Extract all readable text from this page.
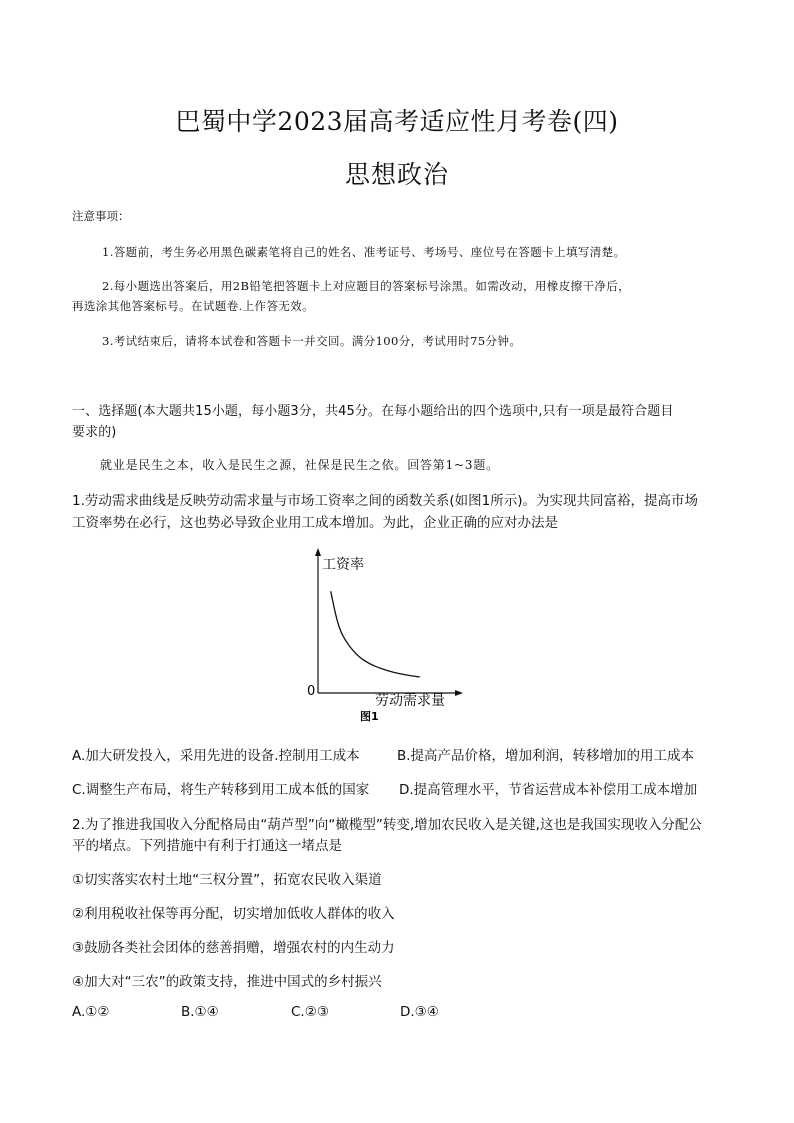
巴蜀中学2023届高考适应性月考卷(四)
思想政治
注意事项：
1.答题前，考生务必用黑色碳素笔将自己的姓名、准考证号、考场号、座位号在答题卡上填写清楚。
2.每小题选出答案后，用2B铅笔把答题卡上对应题目的答案标号涂黑。如需改动，用橡皮擦干净后，
再选涂其他答案标号。在试题卷.上作答无效。
3.考试结束后，请将本试卷和答题卡一并交回。满分100分，考试用时75分钟。
一、选择题(本大题共15小题，每小题3分，共45分。在每小题给出的四个选项中,只有一项是最符合题目
要求的)
就业是民生之本，收入是民生之源，社保是民生之依。回答第1~3题。
1.劳动需求曲线是反映劳动需求量与市场工资率之间的函数关系(如图1所示)。为实现共同富裕，提高市场
工资率势在必行，这也势必导致企业用工成本增加。为此，企业正确的应对办法是
工资率
0
劳动需求量
图1
A.加大研发投入，采用先进的设备.控制用工成本	B.提高产品价格，增加利润，转移增加的用工成本
C.调整生产布局，将生产转移到用工成本低的国家 D.提高管理水平，节省运营成本补偿用工成本增加
2.为了推进我国收入分配格局由“葫芦型”向“橄榄型”转变,增加农民收入是关键,这也是我国实现收入分配公
平的堵点。下列措施中有利于打通这一堵点是
①切实落实农村土地“三权分置”，拓宽农民收入渠道
②利用税收社保等再分配，切实增加低收人群体的收入
③鼓励各类社会团体的慈善捐赠，增强农村的内生动力
④加大对“三农”的政策支持，推进中国式的乡村振兴
A.①②	B.①④	C.②③	D.③④
